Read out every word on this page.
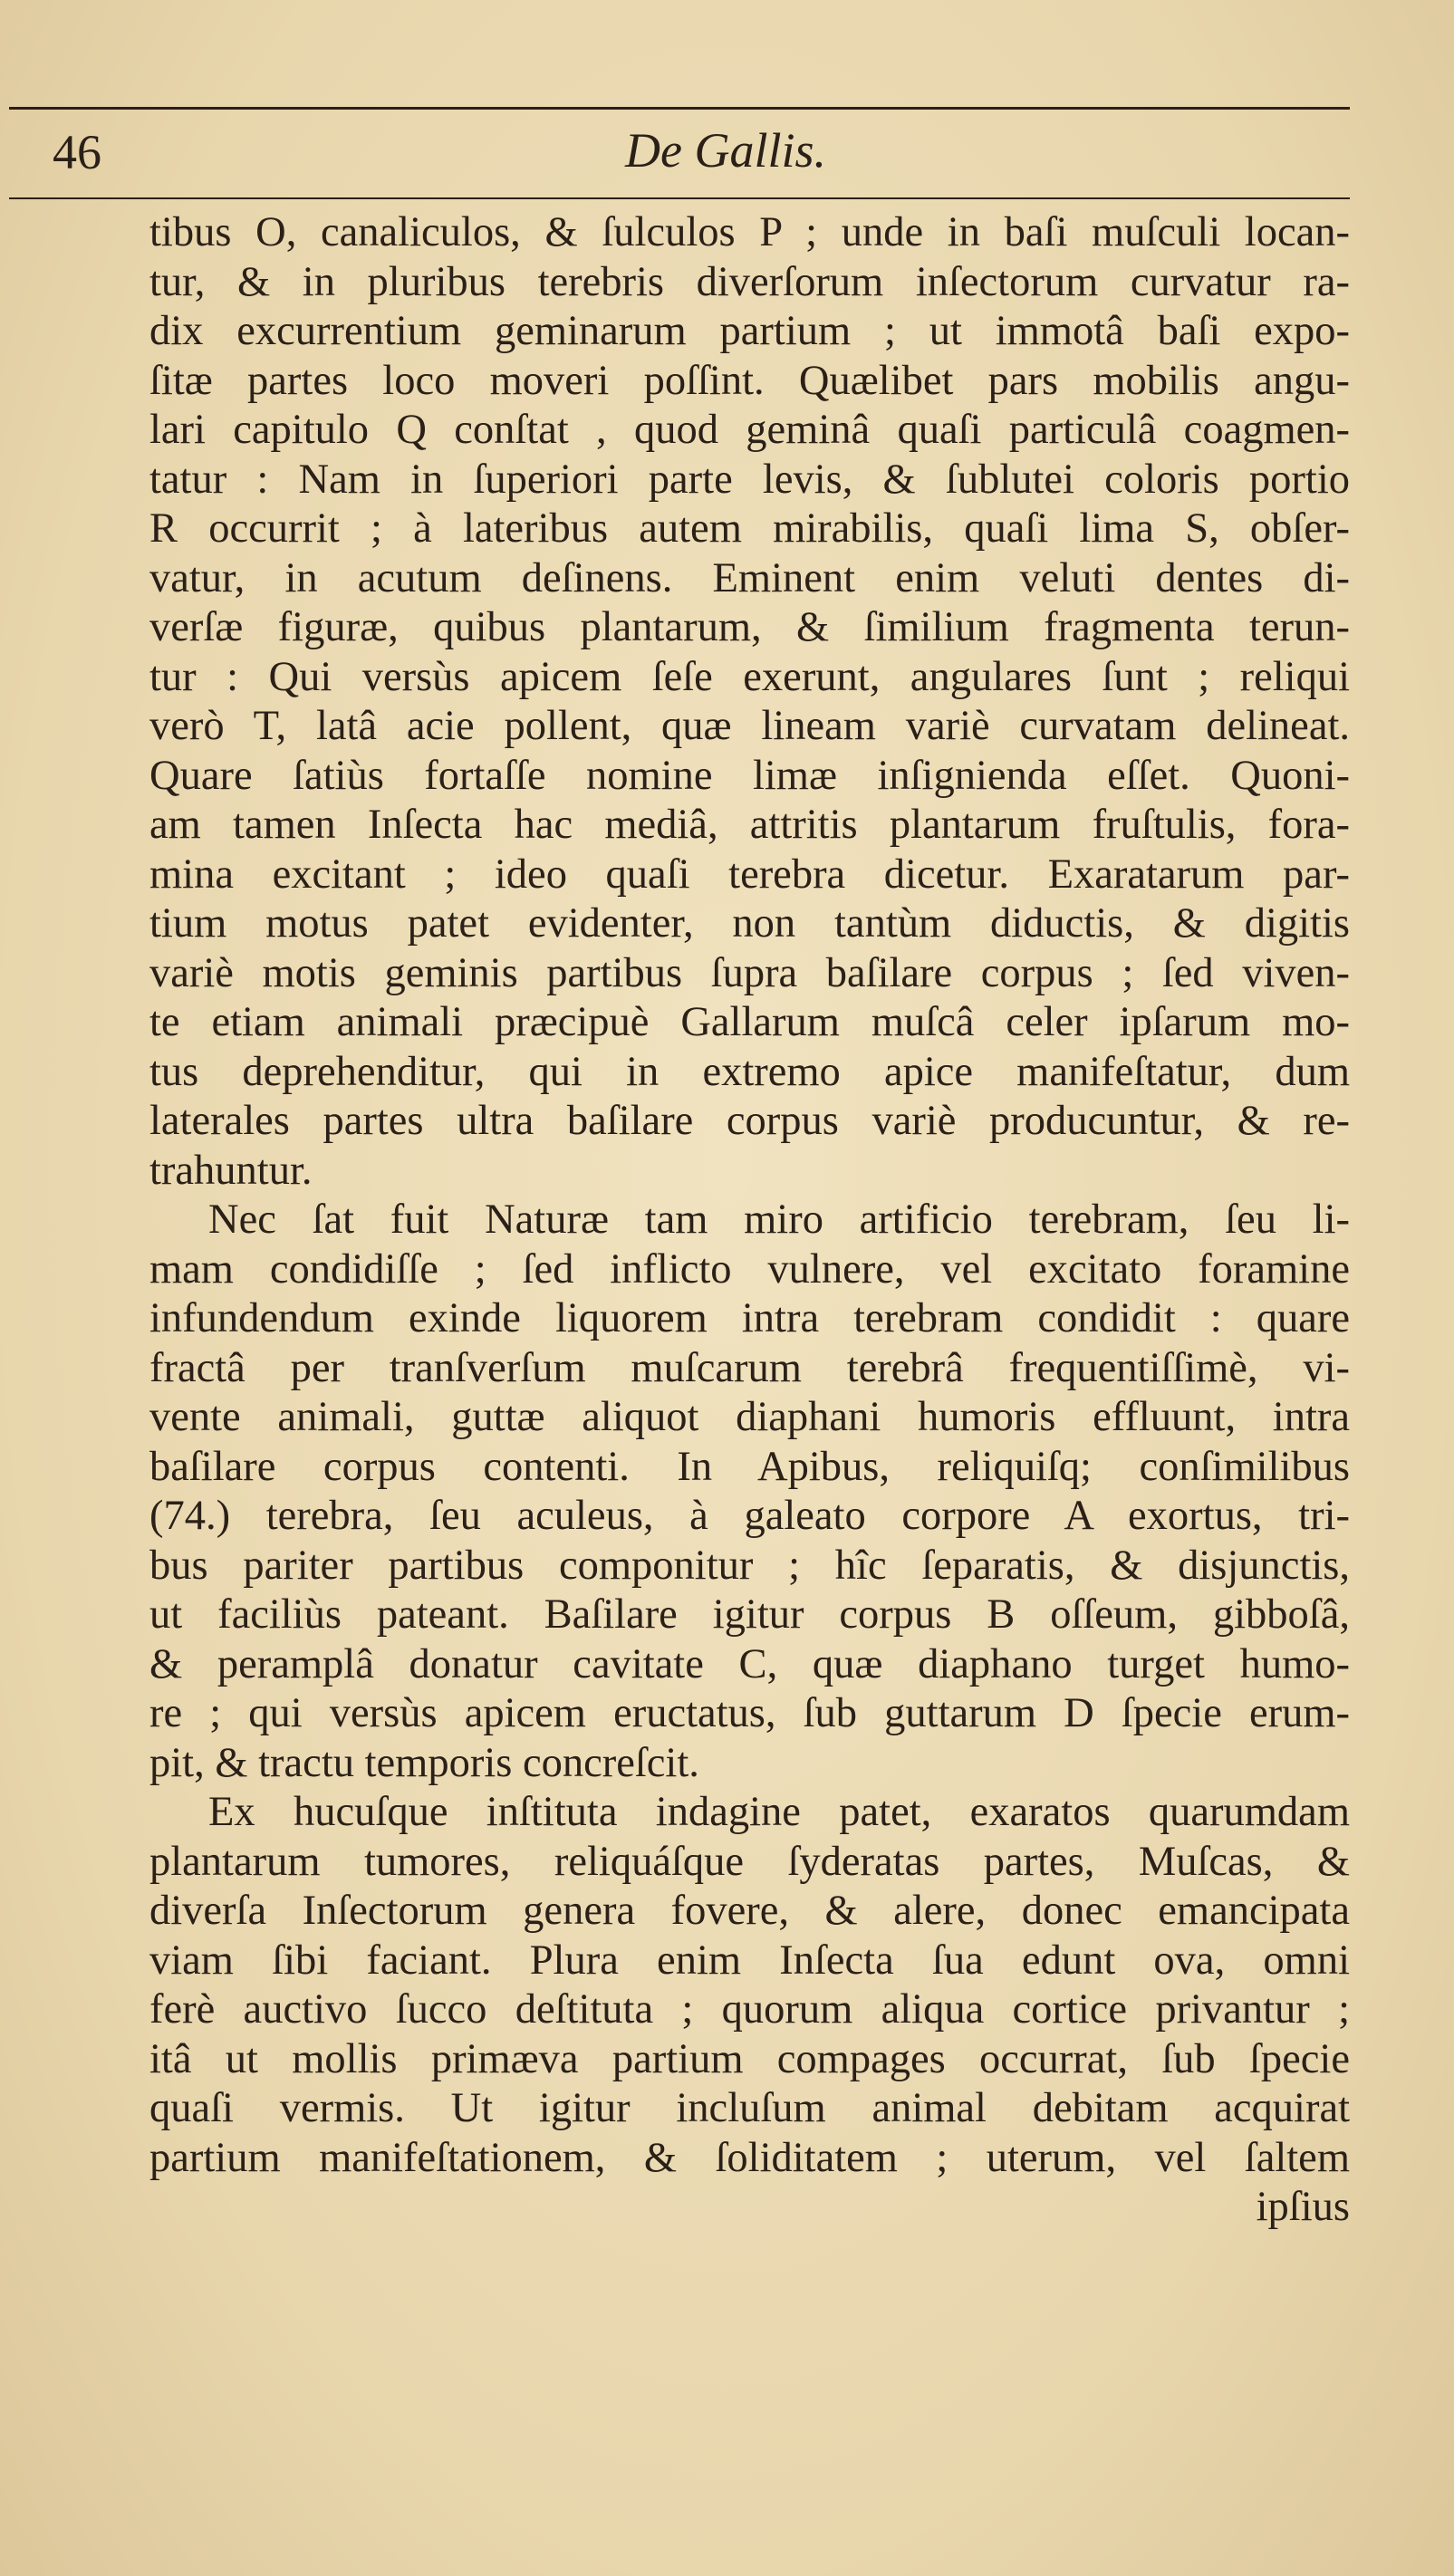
46	De Gallis.
tibus O, canaliculos, & ſulculos P ; unde in baſi muſculi locan-
tur, & in pluribus terebris diverſorum inſectorum curvatur ra-
dix excurrentium geminarum partium ; ut immotâ baſi expo-
ſitæ partes loco moveri poſſint. Quælibet pars mobilis angu-
lari capitulo Q conſtat , quod geminâ quaſi particulâ coagmen-
tatur : Nam in ſuperiori parte levis, & ſublutei coloris portio
R occurrit ; à lateribus autem mirabilis, quaſi lima S, obſer-
vatur, in acutum deſinens. Eminent enim veluti dentes di-
verſæ figuræ, quibus plantarum, & ſimilium fragmenta terun-
tur : Qui versùs apicem ſeſe exerunt, angulares ſunt ; reliqui
verò T, latâ acie pollent, quæ lineam variè curvatam delineat.
Quare ſatiùs fortaſſe nomine limæ inſignienda eſſet. Quoni-
am tamen Inſecta hac mediâ, attritis plantarum fruſtulis, fora-
mina excitant ; ideo quaſi terebra dicetur. Exaratarum par-
tium motus patet evidenter, non tantùm diductis, & digitis
variè motis geminis partibus ſupra baſilare corpus ; ſed viven-
te etiam animali præcipuè Gallarum muſcâ celer ipſarum mo-
tus deprehenditur, qui in extremo apice manifeſtatur, dum
laterales partes ultra baſilare corpus variè producuntur, & re-
trahuntur.
Nec ſat fuit Naturæ tam miro artificio terebram, ſeu li-
mam condidiſſe ; ſed inflicto vulnere, vel excitato foramine
infundendum exinde liquorem intra terebram condidit : quare
fractâ per tranſverſum muſcarum terebrâ frequentiſſimè, vi-
vente animali, guttæ aliquot diaphani humoris effluunt, intra
baſilare corpus contenti. In Apibus, reliquiſq; conſimilibus
(74.) terebra, ſeu aculeus, à galeato corpore A exortus, tri-
bus pariter partibus componitur ; hîc ſeparatis, & disjunctis,
ut faciliùs pateant. Baſilare igitur corpus B oſſeum, gibboſâ,
& peramplâ donatur cavitate C, quæ diaphano turget humo-
re ; qui versùs apicem eructatus, ſub guttarum D ſpecie erum-
pit, & tractu temporis concreſcit.
Ex hucuſque inſtituta indagine patet, exaratos quarumdam
plantarum tumores, reliquáſque ſyderatas partes, Muſcas, &
diverſa Inſectorum genera fovere, & alere, donec emancipata
viam ſibi faciant. Plura enim Inſecta ſua edunt ova, omni
ferè auctivo ſucco deſtituta ; quorum aliqua cortice privantur ;
itâ ut mollis primæva partium compages occurrat, ſub ſpecie
quaſi vermis. Ut igitur incluſum animal debitam acquirat
partium manifeſtationem, & ſoliditatem ; uterum, vel ſaltem
ipſius
